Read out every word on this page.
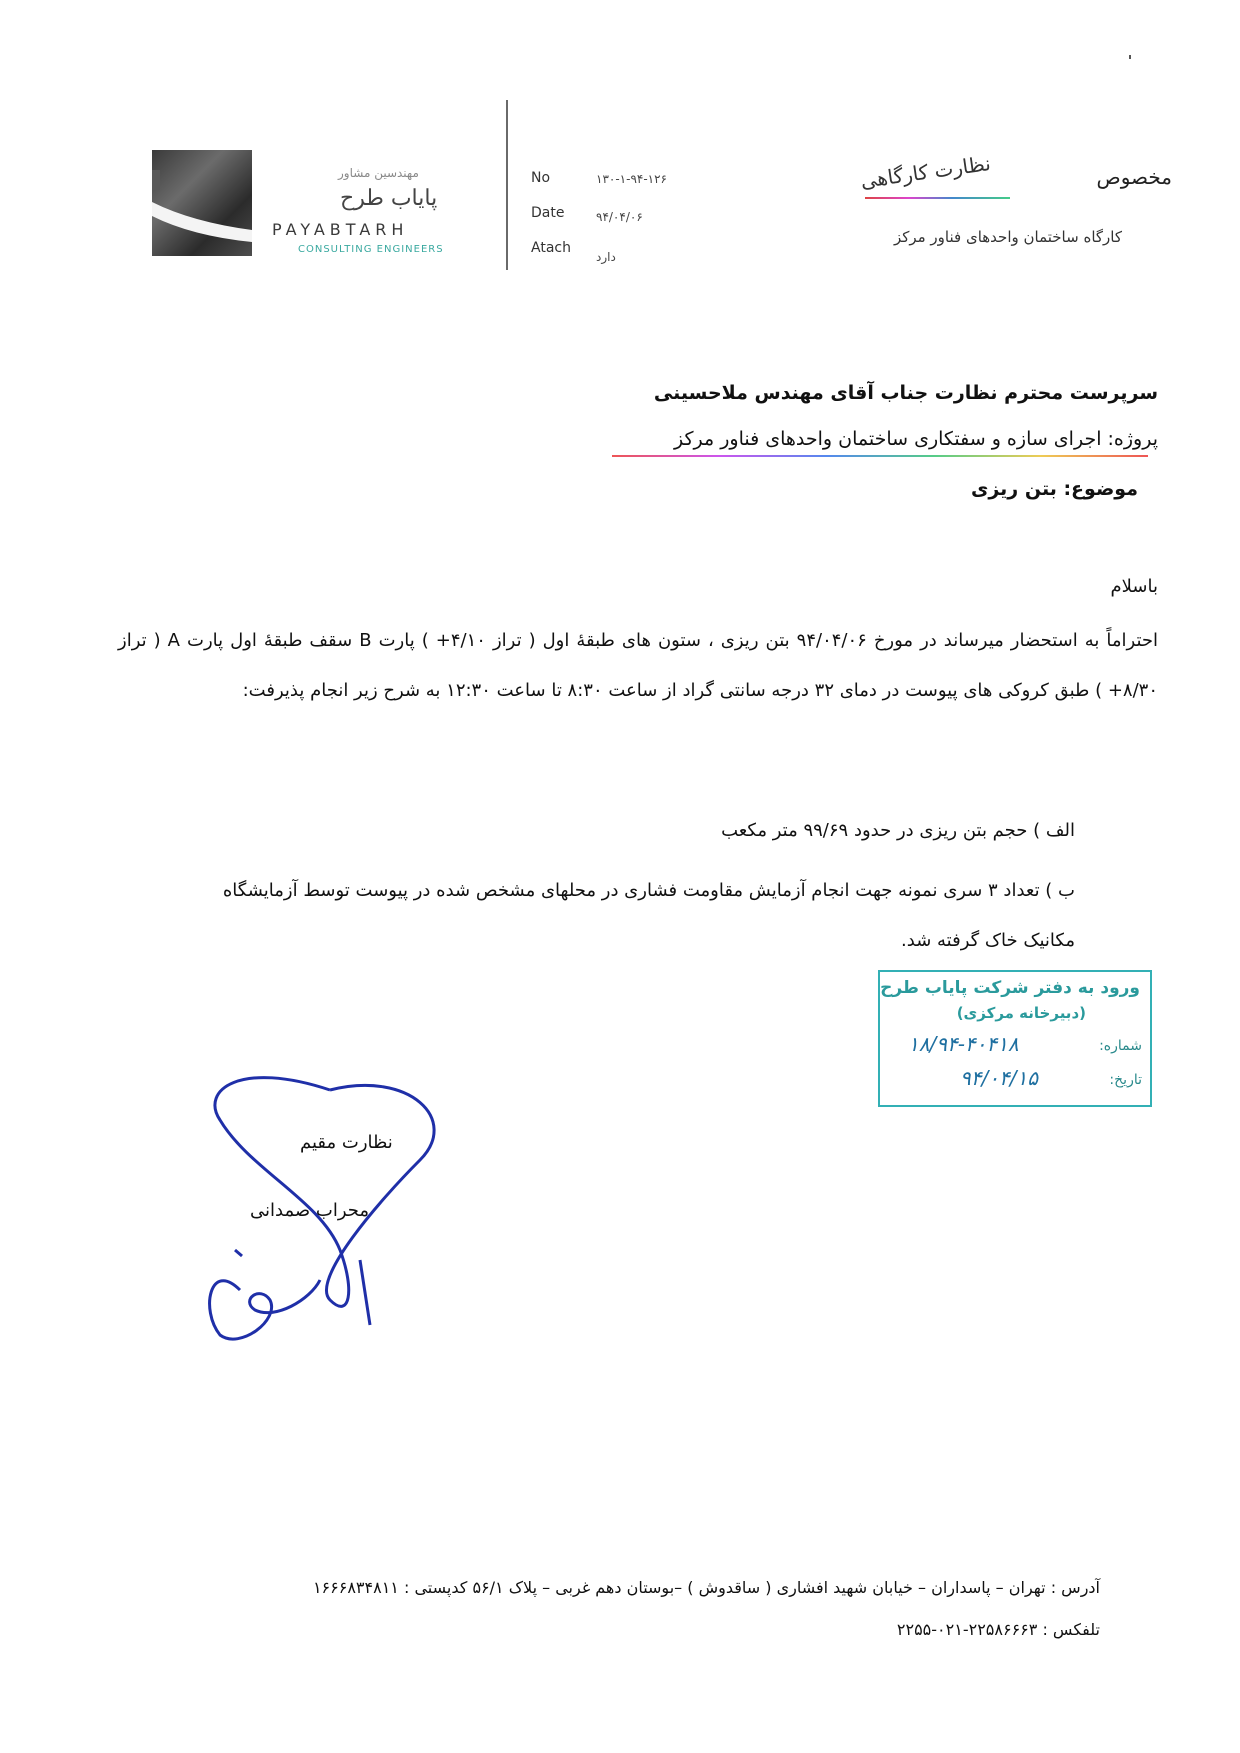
مهندسین مشاور
پایاب طرح
PAYABTARH
CONSULTING ENGINEERS
No	۱۳۰-۱-۹۴-۱۲۶
Date	۹۴/۰۴/۰۶
Atach
دارد
مخصوص
نظارت کارگاهی
کارگاه ساختمان واحدهای فناور مرکز
سرپرست محترم نظارت جناب آقای مهندس ملاحسینی
پروژه: اجرای سازه و سفتکاری ساختمان واحدهای فناور مرکز
موضوع: بتن ریزی
باسلام
احتراماً به استحضار میرساند در مورخ ۹۴/۰۴/۰۶ بتن ریزی ، ستون های طبقهٔ اول ( تراز ۴/۱۰+ ) پارت B سقف طبقهٔ اول پارت A ( تراز ۸/۳۰+ ) طبق کروکی های پیوست در دمای ۳۲ درجه سانتی گراد از ساعت ۸:۳۰ تا ساعت ۱۲:۳۰ به شرح زیر انجام پذیرفت:
الف ) حجم بتن ریزی در حدود ۹۹/۶۹ متر مکعب
ب ) تعداد ۳ سری نمونه جهت انجام آزمایش مقاومت فشاری در محلهای مشخص شده در پیوست توسط آزمایشگاه مکانیک خاک گرفته شد.
ورود به دفتر شرکت پایاب طرح
(دبیرخانه مرکزی)
شماره:
۱۸/۹۴-۴۰۴۱۸
تاریخ:
۹۴/۰۴/۱۵
نظارت مقیم
محراب صمدانی
آدرس : تهران – پاسداران – خیابان شهید افشاری ( ساقدوش ) –بوستان دهم غربی – پلاک ۵۶/۱ کدپستی : ۱۶۶۶۸۳۴۸۱۱
تلفکس : ۲۲۵۸۶۶۶۳-۰۲۱-۲۲۵۵
